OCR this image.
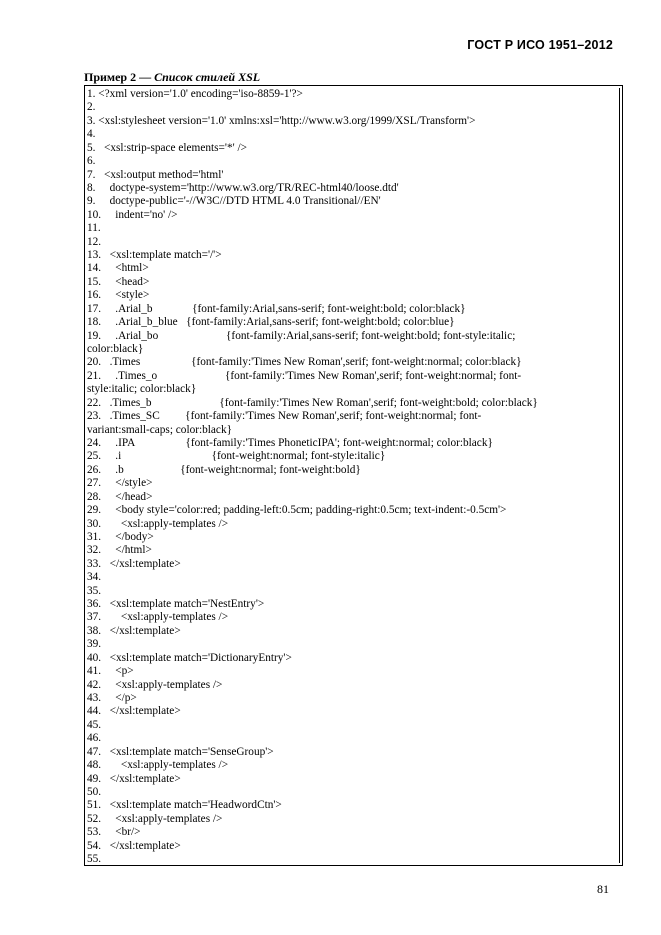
ГОСТ Р ИСО 1951–2012
Пример 2 — Список стилей XSL
1. <?xml version='1.0' encoding='iso-8859-1'?>
2.
3. <xsl:stylesheet version='1.0' xmlns:xsl='http://www.w3.org/1999/XSL/Transform'>
4.
5.   <xsl:strip-space elements='*' />
6.
7.   <xsl:output method='html'
8.     doctype-system='http://www.w3.org/TR/REC-html40/loose.dtd'
9.     doctype-public='-//W3C//DTD HTML 4.0 Transitional//EN'
10.     indent='no' />
11.
12.
13.   <xsl:template match='/'>
14.     <html>
15.     <head>
16.     <style>
17.     .Arial_b              {font-family:Arial,sans-serif; font-weight:bold; color:black}
18.     .Arial_b_blue   {font-family:Arial,sans-serif; font-weight:bold; color:blue}
19.     .Arial_bo                        {font-family:Arial,sans-serif; font-weight:bold; font-style:italic;
color:black}
20.   .Times                  {font-family:'Times New Roman',serif; font-weight:normal; color:black}
21.     .Times_o                        {font-family:'Times New Roman',serif; font-weight:normal; font-
style:italic; color:black}
22.   .Times_b                        {font-family:'Times New Roman',serif; font-weight:bold; color:black}
23.   .Times_SC         {font-family:'Times New Roman',serif; font-weight:normal; font-
variant:small-caps; color:black}
24.     .IPA                  {font-family:'Times PhoneticIPA'; font-weight:normal; color:black}
25.     .i                                {font-weight:normal; font-style:italic}
26.     .b                    {font-weight:normal; font-weight:bold}
27.     </style>
28.     </head>
29.     <body style='color:red; padding-left:0.5cm; padding-right:0.5cm; text-indent:-0.5cm'>
30.       <xsl:apply-templates />
31.     </body>
32.     </html>
33.   </xsl:template>
34.
35.
36.   <xsl:template match='NestEntry'>
37.       <xsl:apply-templates />
38.   </xsl:template>
39.
40.   <xsl:template match='DictionaryEntry'>
41.     <p>
42.     <xsl:apply-templates />
43.     </p>
44.   </xsl:template>
45.
46.
47.   <xsl:template match='SenseGroup'>
48.       <xsl:apply-templates />
49.   </xsl:template>
50.
51.   <xsl:template match='HeadwordCtn'>
52.     <xsl:apply-templates />
53.     <br/>
54.   </xsl:template>
55.
81
